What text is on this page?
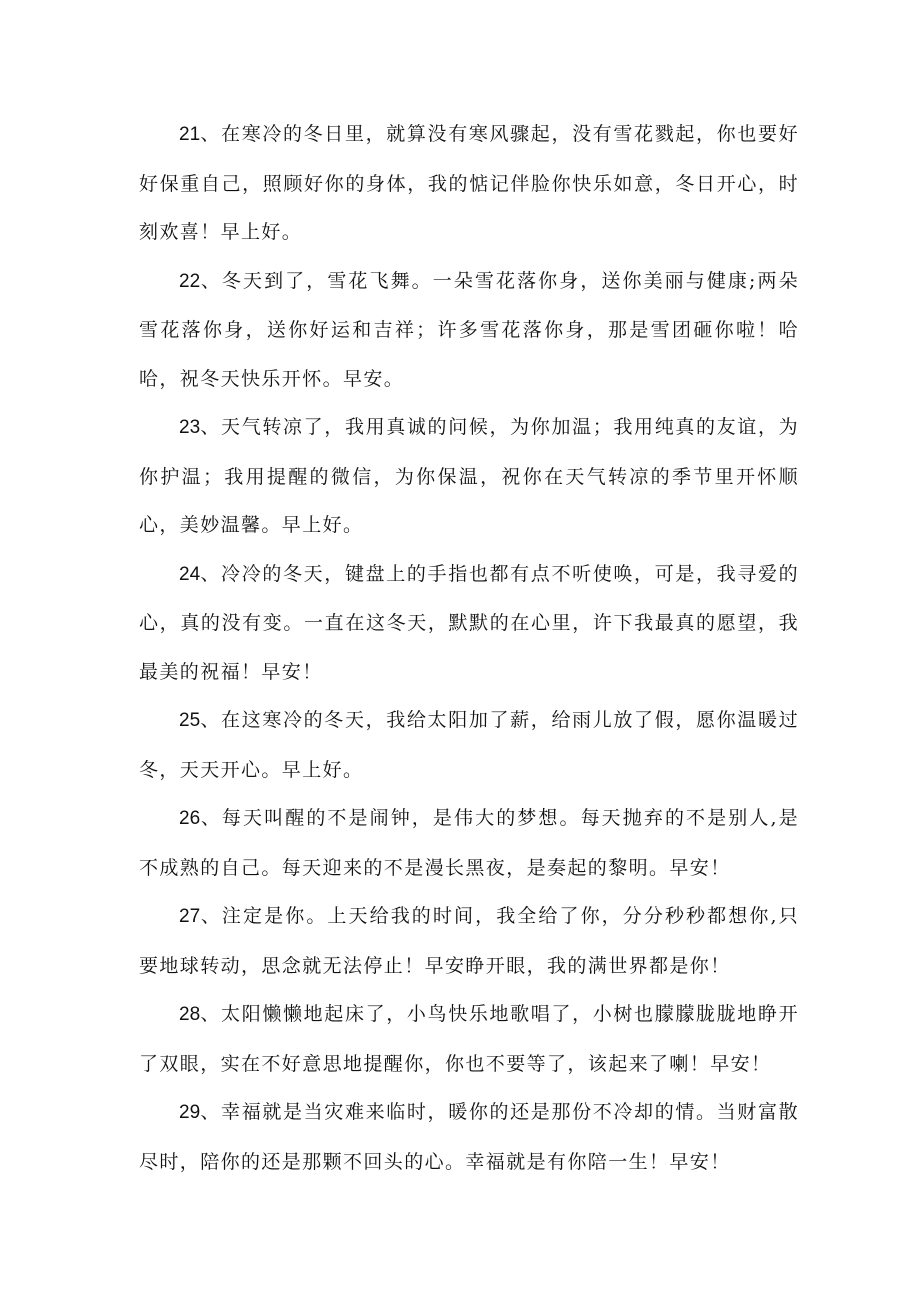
21、在寒冷的冬日里，就算没有寒风骤起，没有雪花戮起，你也要好好保重自己，照顾好你的身体，我的惦记伴脸你快乐如意，冬日开心，时刻欢喜！早上好。

22、冬天到了，雪花飞舞。一朵雪花落你身，送你美丽与健康;两朵雪花落你身，送你好运和吉祥；许多雪花落你身，那是雪团砸你啦！哈哈，祝冬天快乐开怀。早安。

23、天气转凉了，我用真诚的问候，为你加温；我用纯真的友谊，为你护温；我用提醒的微信，为你保温，祝你在天气转凉的季节里开怀顺心，美妙温馨。早上好。

24、冷冷的冬天，键盘上的手指也都有点不听使唤，可是，我寻爱的心，真的没有变。一直在这冬天，默默的在心里，许下我最真的愿望，我最美的祝福！早安！

25、在这寒冷的冬天，我给太阳加了薪，给雨儿放了假，愿你温暖过冬，天天开心。早上好。

26、每天叫醒的不是闹钟，是伟大的梦想。每天抛弃的不是别人,是不成熟的自己。每天迎来的不是漫长黑夜，是奏起的黎明。早安！

27、注定是你。上天给我的时间，我全给了你，分分秒秒都想你,只要地球转动，思念就无法停止！早安睁开眼，我的满世界都是你！

28、太阳懒懒地起床了，小鸟快乐地歌唱了，小树也朦朦胧胧地睁开了双眼，实在不好意思地提醒你，你也不要等了，该起来了喇！早安！

29、幸福就是当灾难来临时，暖你的还是那份不冷却的情。当财富散尽时，陪你的还是那颗不回头的心。幸福就是有你陪一生！早安！
